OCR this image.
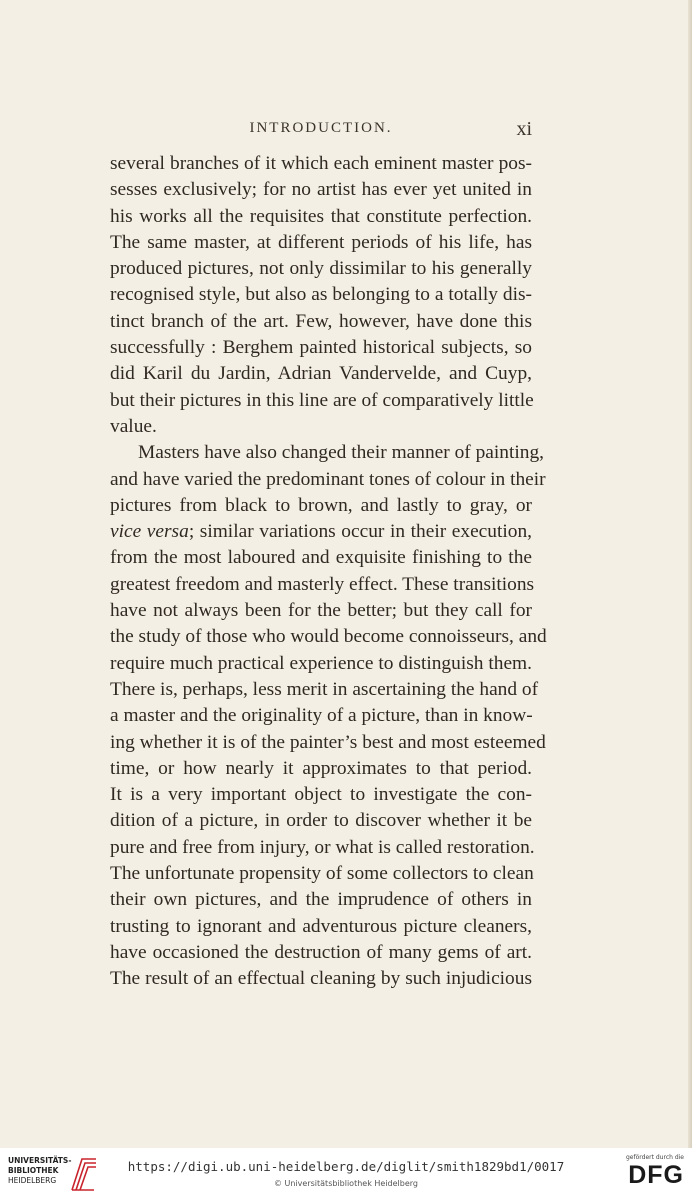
INTRODUCTION.	xi
several branches of it which each eminent master pos-
sesses exclusively; for no artist has ever yet united in
his works all the requisites that constitute perfection.
The same master, at different periods of his life, has
produced pictures, not only dissimilar to his generally
recognised style, but also as belonging to a totally dis-
tinct branch of the art. Few, however, have done this
successfully : Berghem painted historical subjects, so
did Karil du Jardin, Adrian Vandervelde, and Cuyp,
but their pictures in this line are of comparatively little
value.
Masters have also changed their manner of painting,
and have varied the predominant tones of colour in their
pictures from black to brown, and lastly to gray, or
vice versa; similar variations occur in their execution,
from the most laboured and exquisite finishing to the
greatest freedom and masterly effect. These transitions
have not always been for the better; but they call for
the study of those who would become connoisseurs, and
require much practical experience to distinguish them.
There is, perhaps, less merit in ascertaining the hand of
a master and the originality of a picture, than in know-
ing whether it is of the painter’s best and most esteemed
time, or how nearly it approximates to that period.
It is a very important object to investigate the con-
dition of a picture, in order to discover whether it be
pure and free from injury, or what is called restoration.
The unfortunate propensity of some collectors to clean
their own pictures, and the imprudence of others in
trusting to ignorant and adventurous picture cleaners,
have occasioned the destruction of many gems of art.
The result of an effectual cleaning by such injudicious
UNIVERSITÄTS-
BIBLIOTHEK
HEIDELBERG
https://digi.ub.uni-heidelberg.de/diglit/smith1829bd1/0017
© Universitätsbibliothek Heidelberg
gefördert durch die
DFG
